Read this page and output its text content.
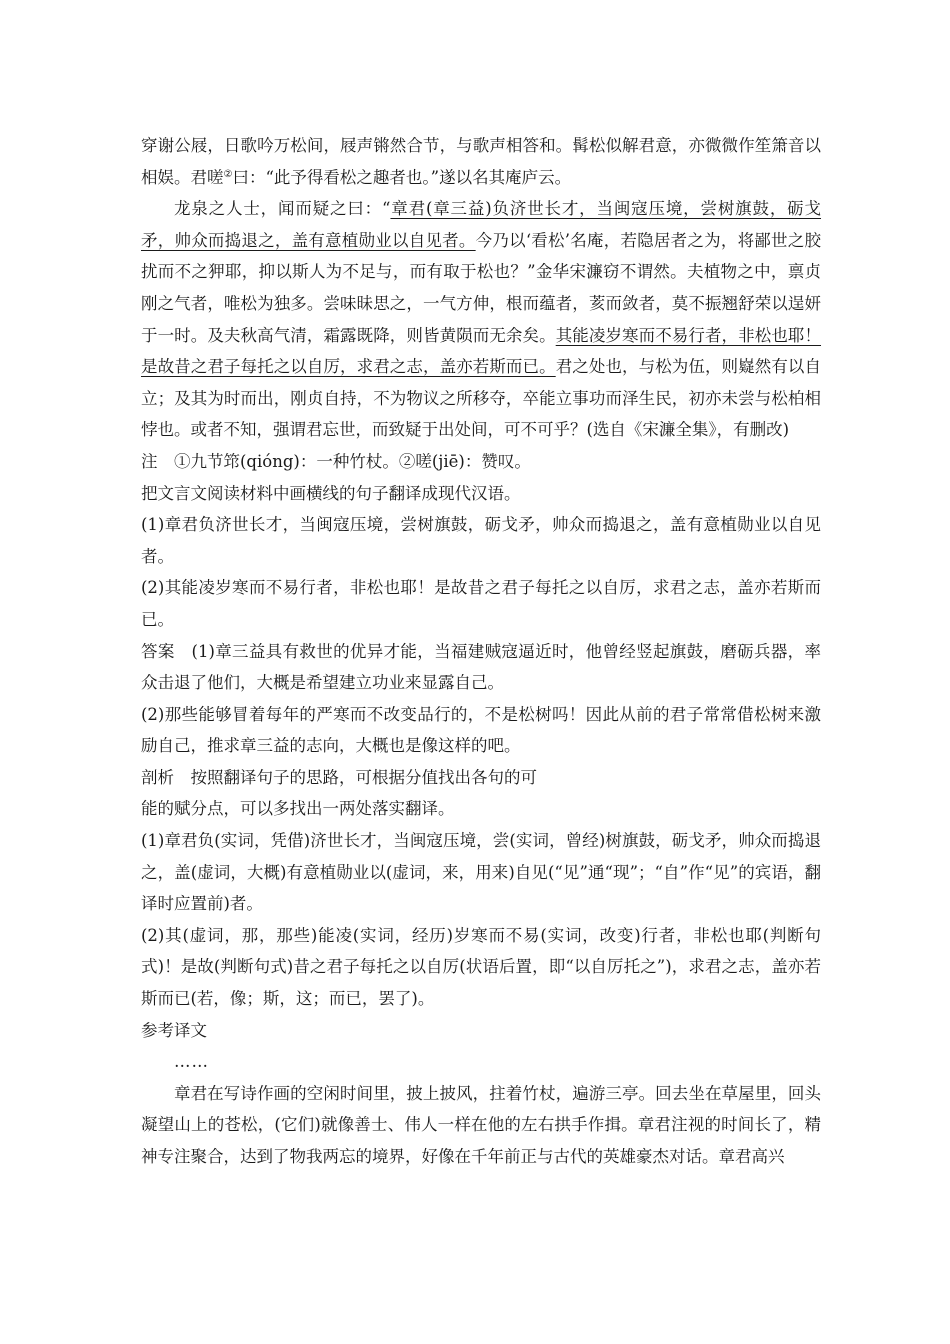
穿谢公屐，日歌吟万松间，屐声锵然合节，与歌声相答和。髯松似解君意，亦微微作笙箫音以相娱。君嗟②曰：“此予得看松之趣者也。”遂以名其庵庐云。

龙泉之人士，闻而疑之曰：“章君(章三益)负济世长才，当闽寇压境，尝树旗鼓，砺戈矛，帅众而捣退之，盖有意植勋业以自见者。今乃以‘看松’名庵，若隐居者之为，将鄙世之胶扰而不之狎耶，抑以斯人为不足与，而有取于松也？”金华宋濂窃不谓然。夫植物之中，禀贞刚之气者，唯松为独多。尝味昧思之，一气方伸，根而蕴者，荄而敛者，莫不振翘舒荣以逞妍于一时。及夫秋高气清，霜露既降，则皆黄陨而无余矣。其能凌岁寒而不易行者，非松也耶！是故昔之君子每托之以自厉，求君之志，盖亦若斯而已。君之处也，与松为伍，则嶷然有以自立；及其为时而出，刚贞自持，不为物议之所移夺，卒能立事功而泽生民，初亦未尝与松柏相悖也。或者不知，强谓君忘世，而致疑于出处间，可不可乎？(选自《宋濂全集》，有删改)

注　①九节筇(qióng)：一种竹杖。②嗟(jiē)：赞叹。

把文言文阅读材料中画横线的句子翻译成现代汉语。

(1)章君负济世长才，当闽寇压境，尝树旗鼓，砺戈矛，帅众而捣退之，盖有意植勋业以自见者。

(2)其能凌岁寒而不易行者，非松也耶！是故昔之君子每托之以自厉，求君之志，盖亦若斯而已。

答案　(1)章三益具有救世的优异才能，当福建贼寇逼近时，他曾经竖起旗鼓，磨砺兵器，率众击退了他们，大概是希望建立功业来显露自己。

(2)那些能够冒着每年的严寒而不改变品行的，不是松树吗！因此从前的君子常常借松树来激励自己，推求章三益的志向，大概也是像这样的吧。

剖析　按照翻译句子的思路，可根据分值找出各句的可

能的赋分点，可以多找出一两处落实翻译。

(1)章君负(实词，凭借)济世长才，当闽寇压境，尝(实词，曾经)树旗鼓，砺戈矛，帅众而捣退之，盖(虚词，大概)有意植勋业以(虚词，来，用来)自见(“见”通“现”；“自”作“见”的宾语，翻译时应置前)者。

(2)其(虚词，那，那些)能凌(实词，经历)岁寒而不易(实词，改变)行者，非松也耶(判断句式)！是故(判断句式)昔之君子每托之以自厉(状语后置，即“以自厉托之”)，求君之志，盖亦若斯而已(若，像；斯，这；而已，罢了)。

参考译文

……

章君在写诗作画的空闲时间里，披上披风，拄着竹杖，遍游三亭。回去坐在草屋里，回头凝望山上的苍松，(它们)就像善士、伟人一样在他的左右拱手作揖。章君注视的时间长了，精神专注聚合，达到了物我两忘的境界，好像在千年前正与古代的英雄豪杰对话。章君高兴
